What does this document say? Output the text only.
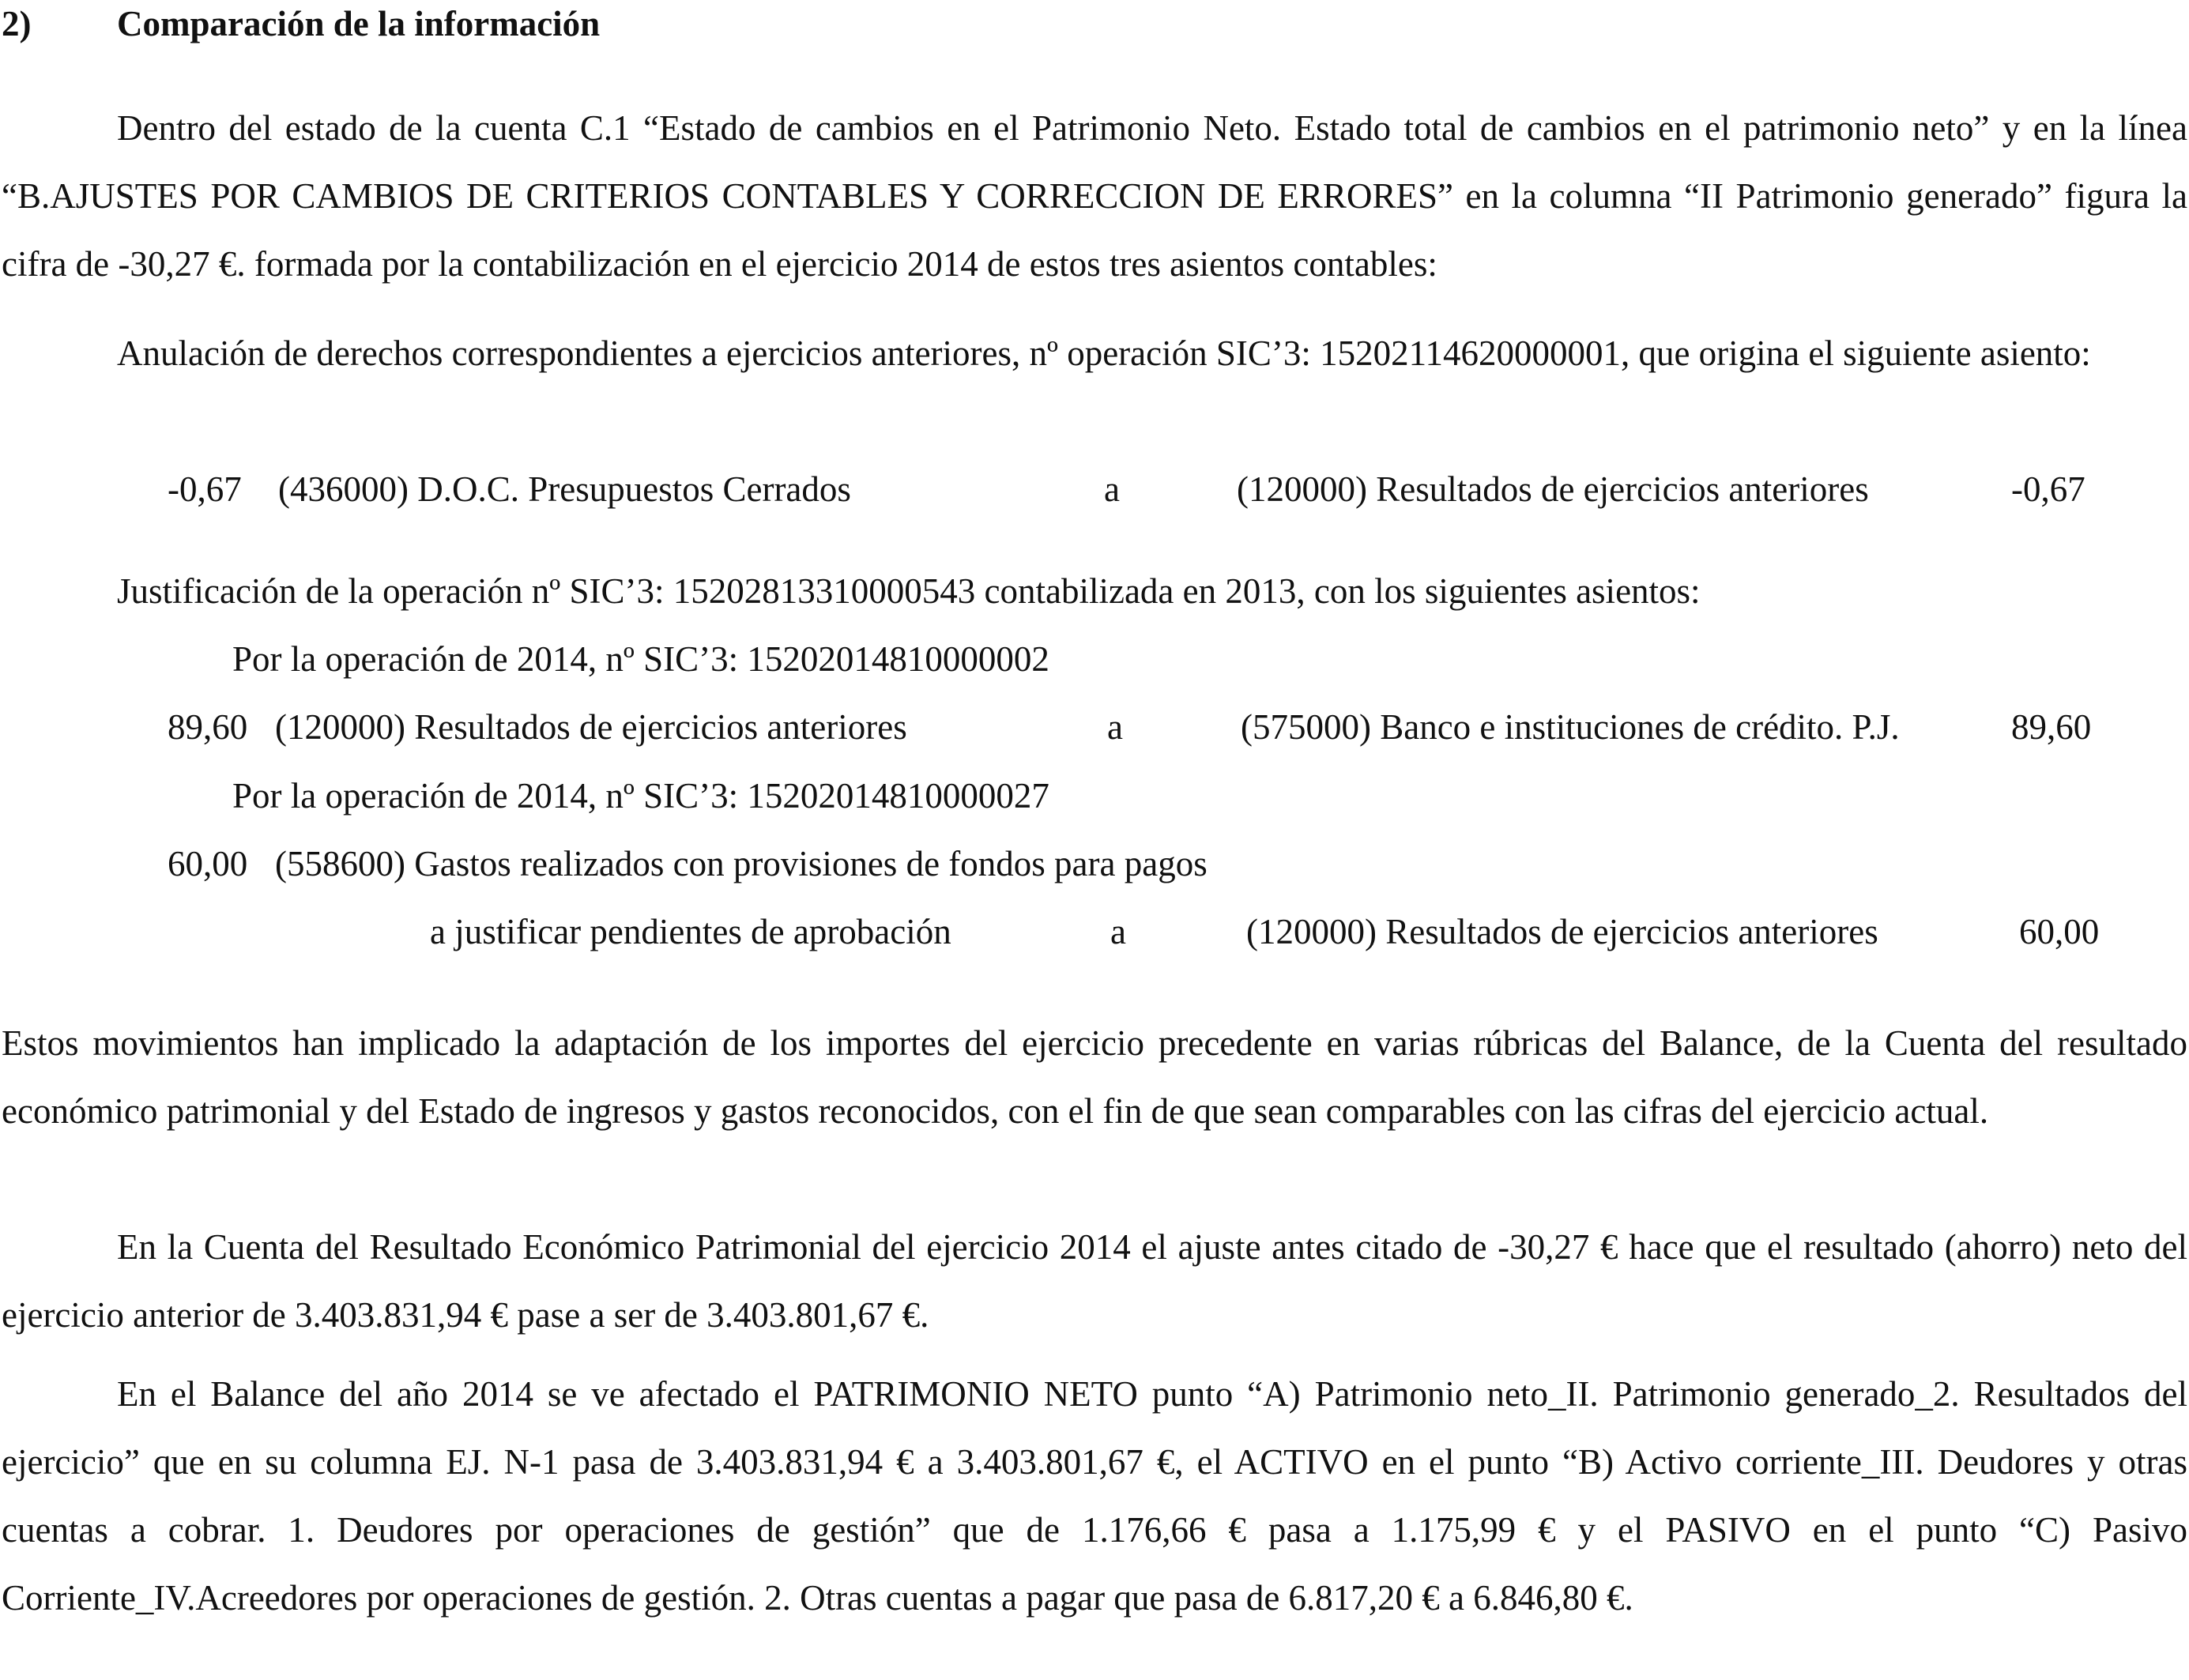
2) Comparación de la información

Dentro del estado de la cuenta C.1 “Estado de cambios en el Patrimonio Neto. Estado total de cambios en el patrimonio neto” y en la línea “B.AJUSTES POR CAMBIOS DE CRITERIOS CONTABLES Y CORRECCION DE ERRORES” en la columna “II Patrimonio generado” figura la cifra de -30,27 €. formada por la contabilización en el ejercicio 2014 de estos tres asientos contables:

Anulación de derechos correspondientes a ejercicios anteriores, nº operación SIC’3: 15202114620000001, que origina el siguiente asiento:

-0,67 (436000) D.O.C. Presupuestos Cerrados	a	(120000) Resultados de ejercicios anteriores	-0,67
Justificación de la operación nº SIC’3: 15202813310000543 contabilizada en 2013, con los siguientes asientos:
Por la operación de 2014, nº SIC’3: 15202014810000002
89,60 (120000) Resultados de ejercicios anteriores	a	(575000) Banco e instituciones de crédito. P.J.	89,60
Por la operación de 2014, nº SIC’3: 15202014810000027
60,00 (558600) Gastos realizados con provisiones de fondos para pagos
a justificar pendientes de aprobación	a	(120000) Resultados de ejercicios anteriores	60,00

Estos movimientos han implicado la adaptación de los importes del ejercicio precedente en varias rúbricas del Balance, de la Cuenta del resultado económico patrimonial y del Estado de ingresos y gastos reconocidos, con el fin de que sean comparables con las cifras del ejercicio actual.

En la Cuenta del Resultado Económico Patrimonial del ejercicio 2014 el ajuste antes citado de -30,27 € hace que el resultado (ahorro) neto del ejercicio anterior de 3.403.831,94 € pase a ser de 3.403.801,67 €.

En el Balance del año 2014 se ve afectado el PATRIMONIO NETO punto “A) Patrimonio neto_II. Patrimonio generado_2. Resultados del ejercicio” que en su columna EJ. N-1 pasa de 3.403.831,94 € a 3.403.801,67 €, el ACTIVO en el punto “B) Activo corriente_III. Deudores y otras cuentas a cobrar. 1. Deudores por operaciones de gestión” que de 1.176,66 € pasa a 1.175,99 € y el PASIVO en el punto “C) Pasivo Corriente_IV.Acreedores por operaciones de gestión. 2. Otras cuentas a pagar que pasa de 6.817,20 € a 6.846,80 €.
